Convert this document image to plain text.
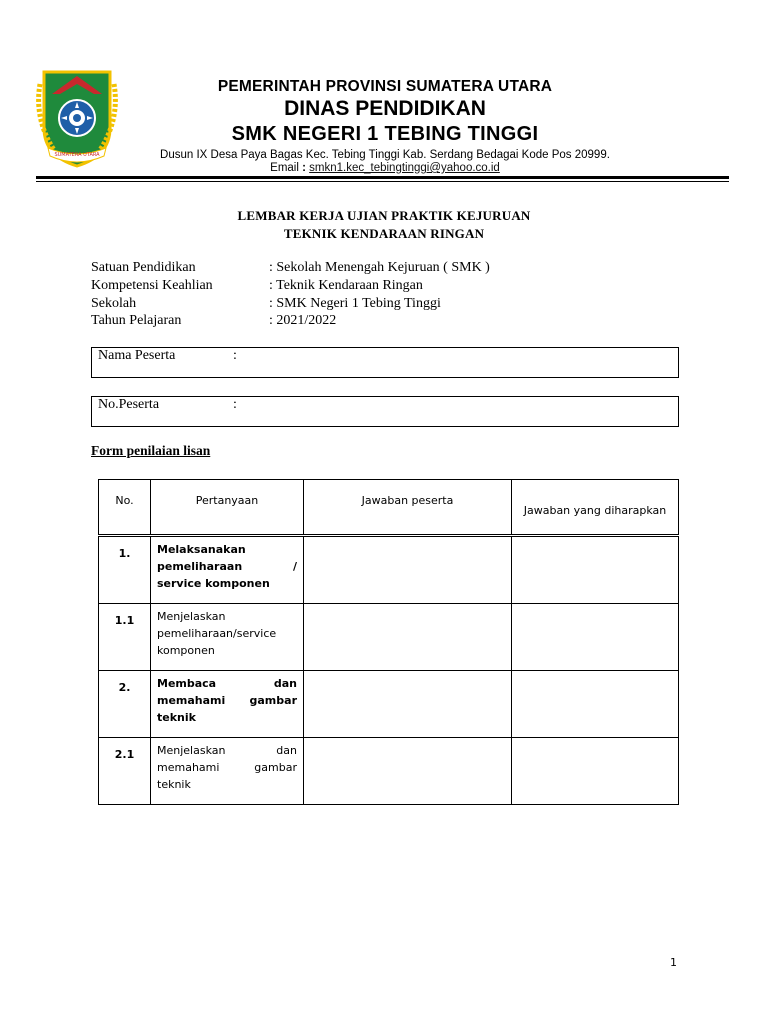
SUMATERA UTARA
PEMERINTAH PROVINSI SUMATERA UTARA
DINAS PENDIDIKAN
SMK NEGERI 1 TEBING TINGGI
Dusun IX Desa Paya Bagas Kec. Tebing Tinggi Kab. Serdang Bedagai Kode Pos 20999.
Email : smkn1.kec_tebingtinggi@yahoo.co.id
LEMBAR KERJA UJIAN PRAKTIK KEJURUAN
TEKNIK KENDARAAN RINGAN
Satuan Pendidikan	: Sekolah Menengah Kejuruan ( SMK )
Kompetensi Keahlian	: Teknik Kendaraan Ringan
Sekolah	: SMK Negeri 1 Tebing Tinggi
Tahun Pelajaran	: 2021/2022
Nama Peserta	:
No.Peserta	:
Form penilaian lisan
No.	Pertanyaan	Jawaban peserta	Jawaban yang diharapkan

1.	Melaksanakan pemeliharaan / service komponen		

1.1	Menjelaskan pemeliharaan/service komponen		

2.	Membaca dan memahami gambar teknik		

2.1	Menjelaskan dan memahami gambar teknik		

1
